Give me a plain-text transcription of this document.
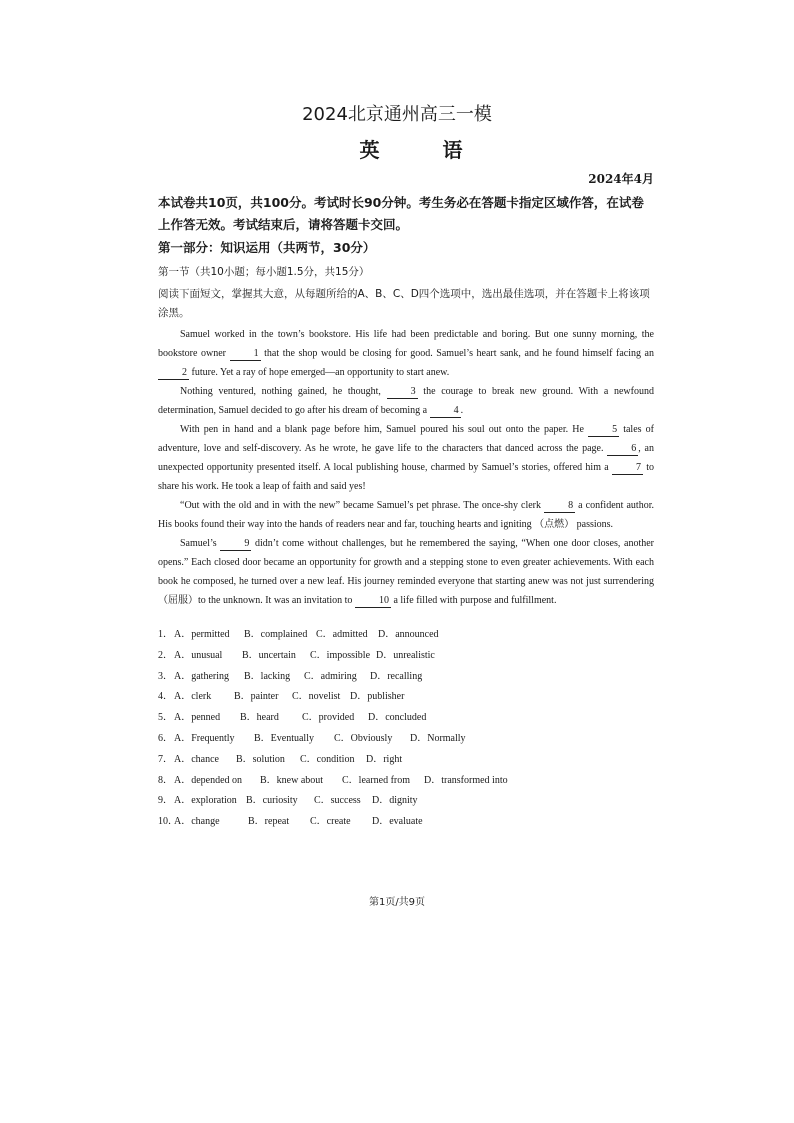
2024北京通州高三一模
英 语
2024年4月
本试卷共10页，共100分。考试时长90分钟。考生务必在答题卡指定区域作答，在试卷上作答无效。考试结束后，请将答题卡交回。
第一部分：知识运用（共两节，30分）
第一节（共10小题；每小题1.5分，共15分）
阅读下面短文，掌握其大意，从每题所给的A、B、C、D四个选项中，选出最佳选项，并在答题卡上将该项涂黑。

Samuel worked in the town’s bookstore. His life had been predictable and boring. But one sunny morning, the bookstore owner 1 that the shop would be closing for good. Samuel’s heart sank, and he found himself facing an 2 future. Yet a ray of hope emerged—an opportunity to start anew.

Nothing ventured, nothing gained, he thought, 3 the courage to break new ground. With a newfound determination, Samuel decided to go after his dream of becoming a 4 .

With pen in hand and a blank page before him, Samuel poured his soul out onto the paper. He 5 tales of adventure, love and self-discovery. As he wrote, he gave life to the characters that danced across the page. 6 , an unexpected opportunity presented itself. A local publishing house, charmed by Samuel’s stories, offered him a 7 to share his work. He took a leap of faith and said yes!

“Out with the old and in with the new” became Samuel’s pet phrase. The once-shy clerk 8 a confident author. His books found their way into the hands of readers near and far, touching hearts and igniting （点燃） passions.

Samuel’s 9 didn’t come without challenges, but he remembered the saying, “When one door closes, another opens.” Each closed door became an opportunity for growth and a stepping stone to even greater achievements. With each book he composed, he turned over a new leaf. His journey reminded everyone that starting anew was not just surrendering（屈服）to the unknown. It was an invitation to 10 a life filled with purpose and fulfillment.

1．A．permitted B．complained C．admitted D．announced
2．A．unusual B．uncertain C．impossible D．unrealistic
3．A．gathering B．lacking C．admiring D．recalling
4．A．clerk B．painter C．novelist D．publisher
5．A．penned B．heard C．provided D．concluded
6．A．Frequently B．Eventually C．Obviously D．Normally
7．A．chance B．solution C．condition D．right
8．A．depended on B．knew about C．learned from D．transformed into
9．A．exploration B．curiosity C．success D．dignity
10．A．change	B．repeat C．create D．evaluate
第1页/共9页
